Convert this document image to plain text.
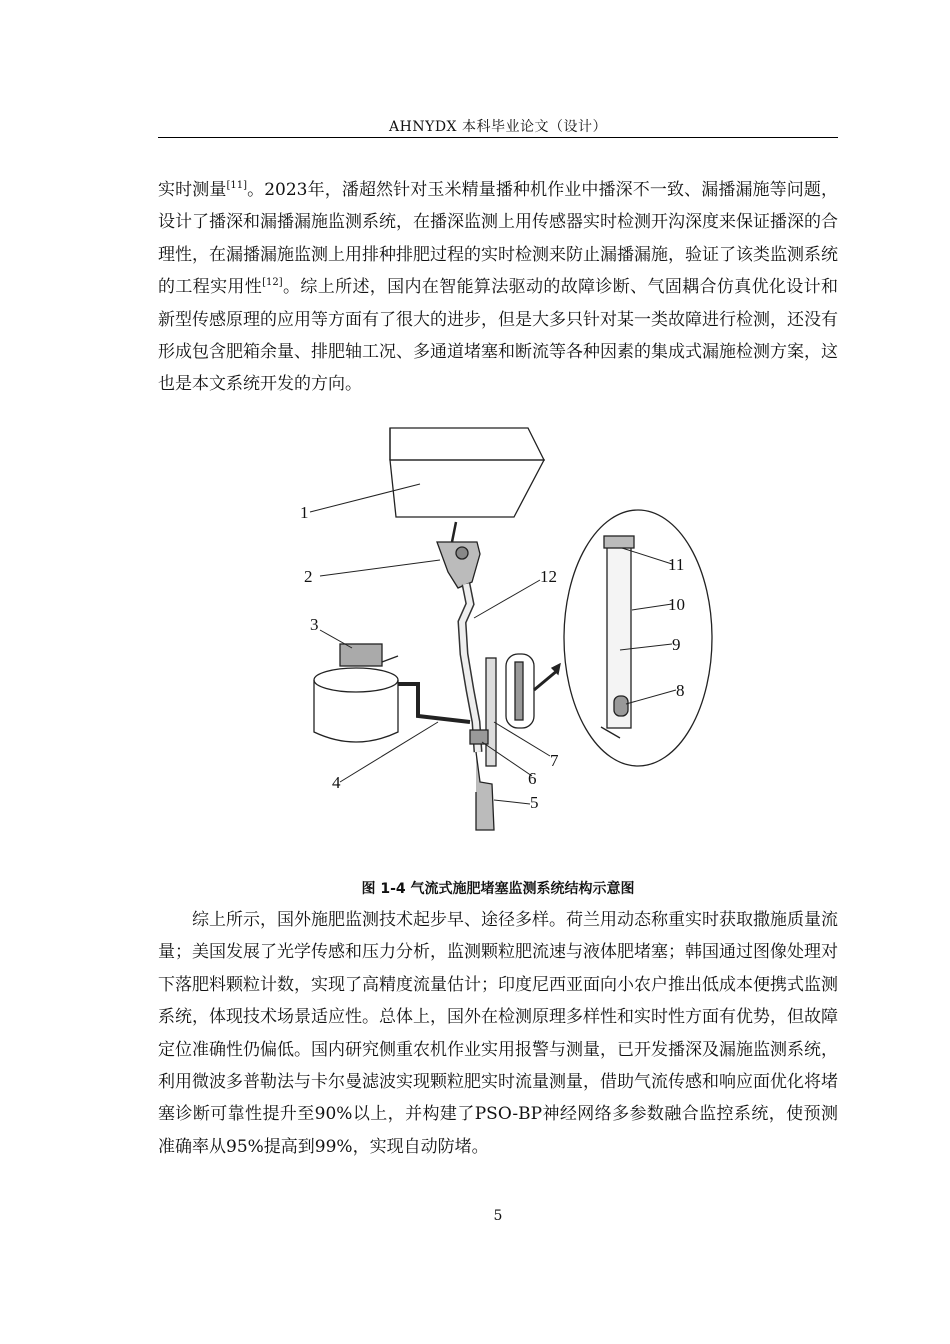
AHNYDX 本科毕业论文（设计）

实时测量[11]。2023年，潘超然针对玉米精量播种机作业中播深不一致、漏播漏施等问题，设计了播深和漏播漏施监测系统，在播深监测上用传感器实时检测开沟深度来保证播深的合理性，在漏播漏施监测上用排种排肥过程的实时检测来防止漏播漏施，验证了该类监测系统的工程实用性[12]。综上所述，国内在智能算法驱动的故障诊断、气固耦合仿真优化设计和新型传感原理的应用等方面有了很大的进步，但是大多只针对某一类故障进行检测，还没有形成包含肥箱余量、排肥轴工况、多通道堵塞和断流等各种因素的集成式漏施检测方案，这也是本文系统开发的方向。

1
2
3
4
5
6
7
8
9
10
11
12
图 1-4 气流式施肥堵塞监测系统结构示意图

综上所示，国外施肥监测技术起步早、途径多样。荷兰用动态称重实时获取撒施质量流量；美国发展了光学传感和压力分析，监测颗粒肥流速与液体肥堵塞；韩国通过图像处理对下落肥料颗粒计数，实现了高精度流量估计；印度尼西亚面向小农户推出低成本便携式监测系统，体现技术场景适应性。总体上，国外在检测原理多样性和实时性方面有优势，但故障定位准确性仍偏低。国内研究侧重农机作业实用报警与测量，已开发播深及漏施监测系统，利用微波多普勒法与卡尔曼滤波实现颗粒肥实时流量测量，借助气流传感和响应面优化将堵塞诊断可靠性提升至90%以上，并构建了PSO-BP神经网络多参数融合监控系统，使预测准确率从95%提高到99%，实现自动防堵。

5
